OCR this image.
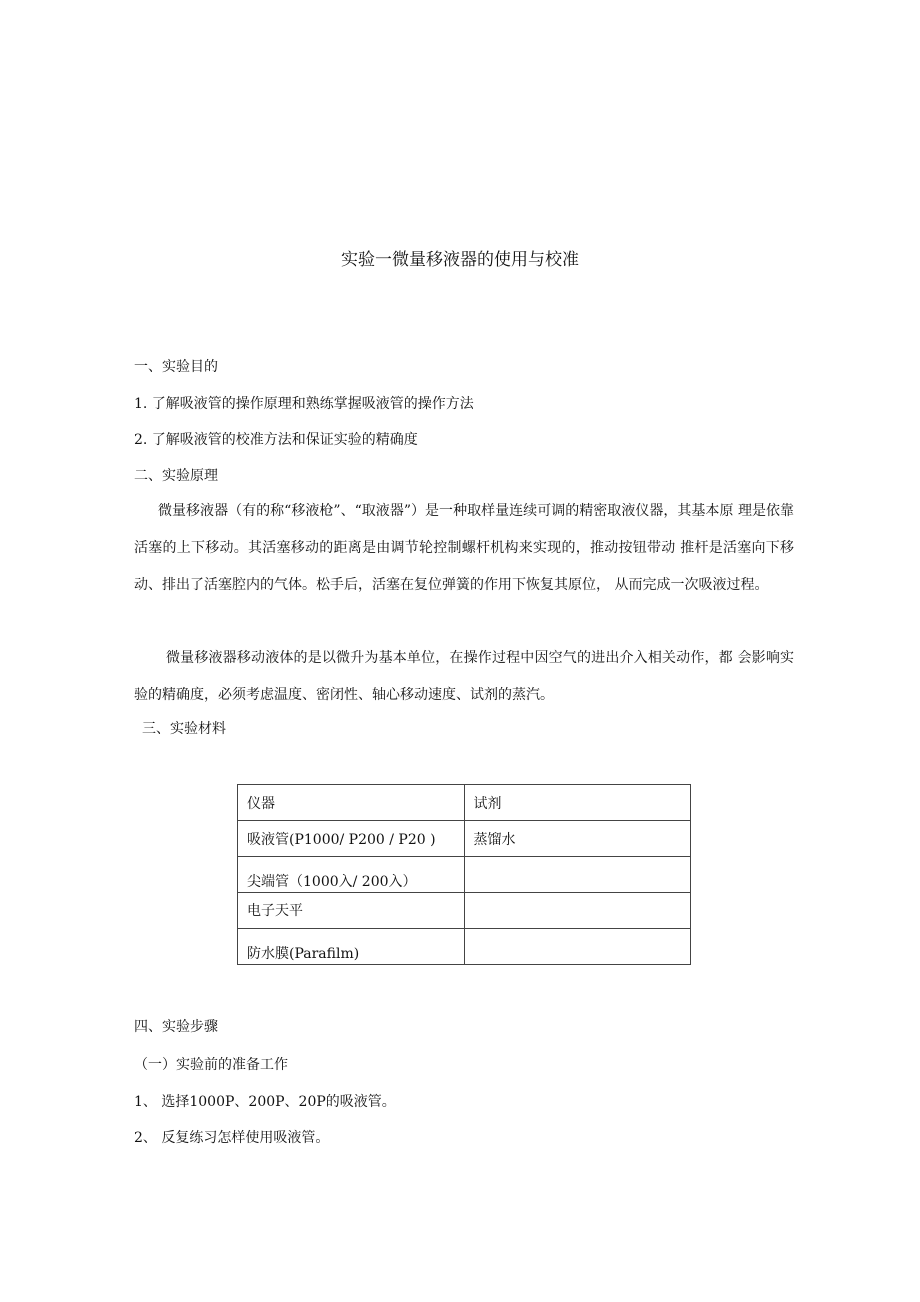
实验一微量移液器的使用与校准
一、实验目的
1. 了解吸液管的操作原理和熟练掌握吸液管的操作方法
2. 了解吸液管的校准方法和保证实验的精确度
二、实验原理
微量移液器（有的称“移液枪”、“取液器”）是一种取样量连续可调的精密取液仪器，其基本原 理是依靠活塞的上下移动。其活塞移动的距离是由调节轮控制螺杆机构来实现的，推动按钮带动 推杆是活塞向下移动、排出了活塞腔内的气体。松手后，活塞在复位弹簧的作用下恢复其原位， 从而完成一次吸液过程。
微量移液器移动液体的是以微升为基本单位，在操作过程中因空气的进出介入相关动作，都 会影响实验的精确度，必须考虑温度、密闭性、轴心移动速度、试剂的蒸汽。
三、实验材料
仪器	试剂
吸液管(P1000/ P200 / P20 )	蒸馏水
尖端管（1000入/ 200入）	
电子天平	
防水膜(Parafilm)	
四、实验步骤
（一）实验前的准备工作
1、 选择1000P、200P、20P的吸液管。
2、 反复练习怎样使用吸液管。
